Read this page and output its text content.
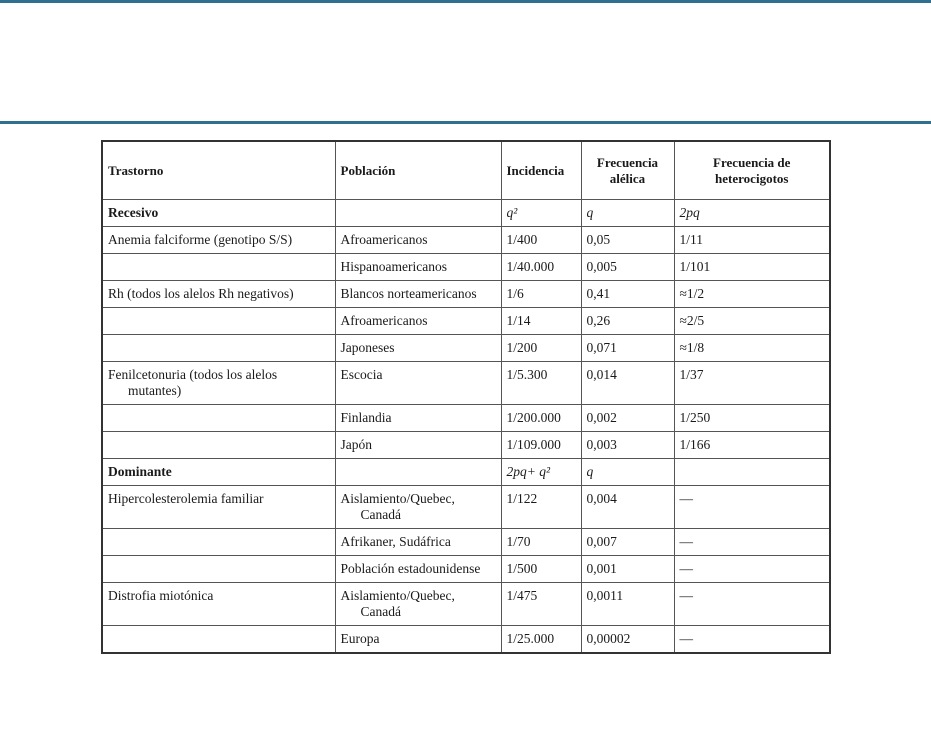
Trastorno	Población	Incidencia	Frecuencia alélica	Frecuencia de heterocigotos
Recesivo		q²	q	2pq
Anemia falciforme (genotipo S/S)	Afroamericanos	1/400	0,05	1/11
	Hispanoamericanos	1/40.000	0,005	1/101
Rh (todos los alelos Rh negativos)	Blancos norteamericanos	1/6	0,41	≈1/2
	Afroamericanos	1/14	0,26	≈2/5
	Japoneses	1/200	0,071	≈1/8
Fenilcetonuria (todos los alelos mutantes)	Escocia	1/5.300	0,014	1/37
	Finlandia	1/200.000	0,002	1/250
	Japón	1/109.000	0,003	1/166
Dominante		2pq+ q²	q	
Hipercolesterolemia familiar	Aislamiento/Quebec, Canadá	1/122	0,004	—
	Afrikaner, Sudáfrica	1/70	0,007	—
	Población estadounidense	1/500	0,001	—
Distrofia miotónica	Aislamiento/Quebec, Canadá	1/475	0,0011	—
	Europa	1/25.000	0,00002	—
